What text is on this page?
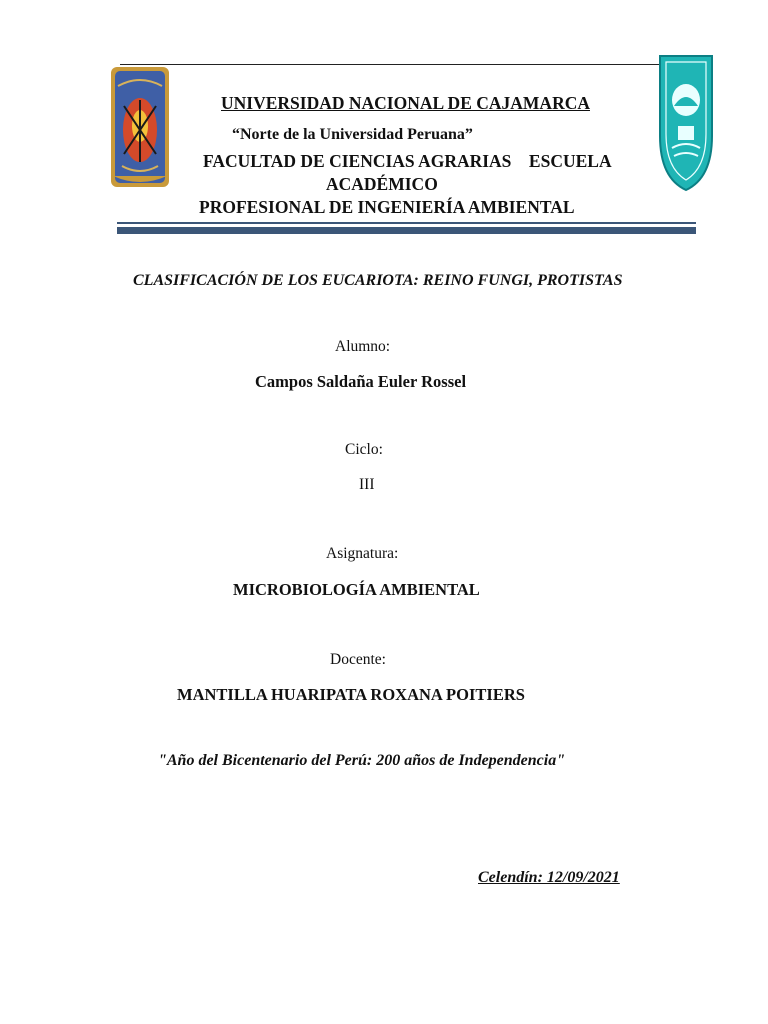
UNIVERSIDAD NACIONAL DE CAJAMARCA
“Norte de la Universidad Peruana”
FACULTAD DE CIENCIAS AGRARIAS    ESCUELA
ACADÉMICO
PROFESIONAL DE INGENIERÍA AMBIENTAL
CLASIFICACIÓN DE LOS EUCARIOTA: REINO FUNGI, PROTISTAS
Alumno:
Campos Saldaña Euler Rossel
Ciclo:
III
Asignatura:
MICROBIOLOGÍA AMBIENTAL
Docente:
MANTILLA HUARIPATA ROXANA POITIERS
"Año del Bicentenario del Perú: 200 años de Independencia"
Celendín: 12/09/2021
